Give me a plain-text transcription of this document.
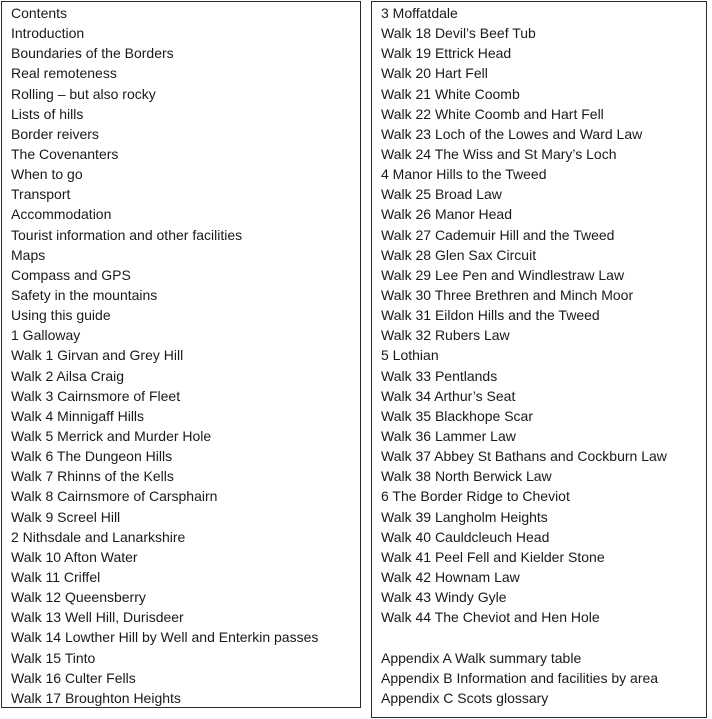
Contents
Introduction
Boundaries of the Borders
Real remoteness
Rolling – but also rocky
Lists of hills
Border reivers
The Covenanters
When to go
Transport
Accommodation
Tourist information and other facilities
Maps
Compass and GPS
Safety in the mountains
Using this guide
1 Galloway
Walk 1 Girvan and Grey Hill
Walk 2 Ailsa Craig
Walk 3 Cairnsmore of Fleet
Walk 4 Minnigaff Hills
Walk 5 Merrick and Murder Hole
Walk 6 The Dungeon Hills
Walk 7 Rhinns of the Kells
Walk 8 Cairnsmore of Carsphairn
Walk 9 Screel Hill
2 Nithsdale and Lanarkshire
Walk 10 Afton Water
Walk 11 Criffel
Walk 12 Queensberry
Walk 13 Well Hill, Durisdeer
Walk 14 Lowther Hill by Well and Enterkin passes
Walk 15 Tinto
Walk 16 Culter Fells
Walk 17 Broughton Heights
3 Moffatdale
Walk 18 Devil’s Beef Tub
Walk 19 Ettrick Head
Walk 20 Hart Fell
Walk 21 White Coomb
Walk 22 White Coomb and Hart Fell
Walk 23 Loch of the Lowes and Ward Law
Walk 24 The Wiss and St Mary’s Loch
4 Manor Hills to the Tweed
Walk 25 Broad Law
Walk 26 Manor Head
Walk 27 Cademuir Hill and the Tweed
Walk 28 Glen Sax Circuit
Walk 29 Lee Pen and Windlestraw Law
Walk 30 Three Brethren and Minch Moor
Walk 31 Eildon Hills and the Tweed
Walk 32 Rubers Law
5 Lothian
Walk 33 Pentlands
Walk 34 Arthur’s Seat
Walk 35 Blackhope Scar
Walk 36 Lammer Law
Walk 37 Abbey St Bathans and Cockburn Law
Walk 38 North Berwick Law
6 The Border Ridge to Cheviot
Walk 39 Langholm Heights
Walk 40 Cauldcleuch Head
Walk 41 Peel Fell and Kielder Stone
Walk 42 Hownam Law
Walk 43 Windy Gyle
Walk 44 The Cheviot and Hen Hole
Appendix A Walk summary table
Appendix B Information and facilities by area
Appendix C Scots glossary
